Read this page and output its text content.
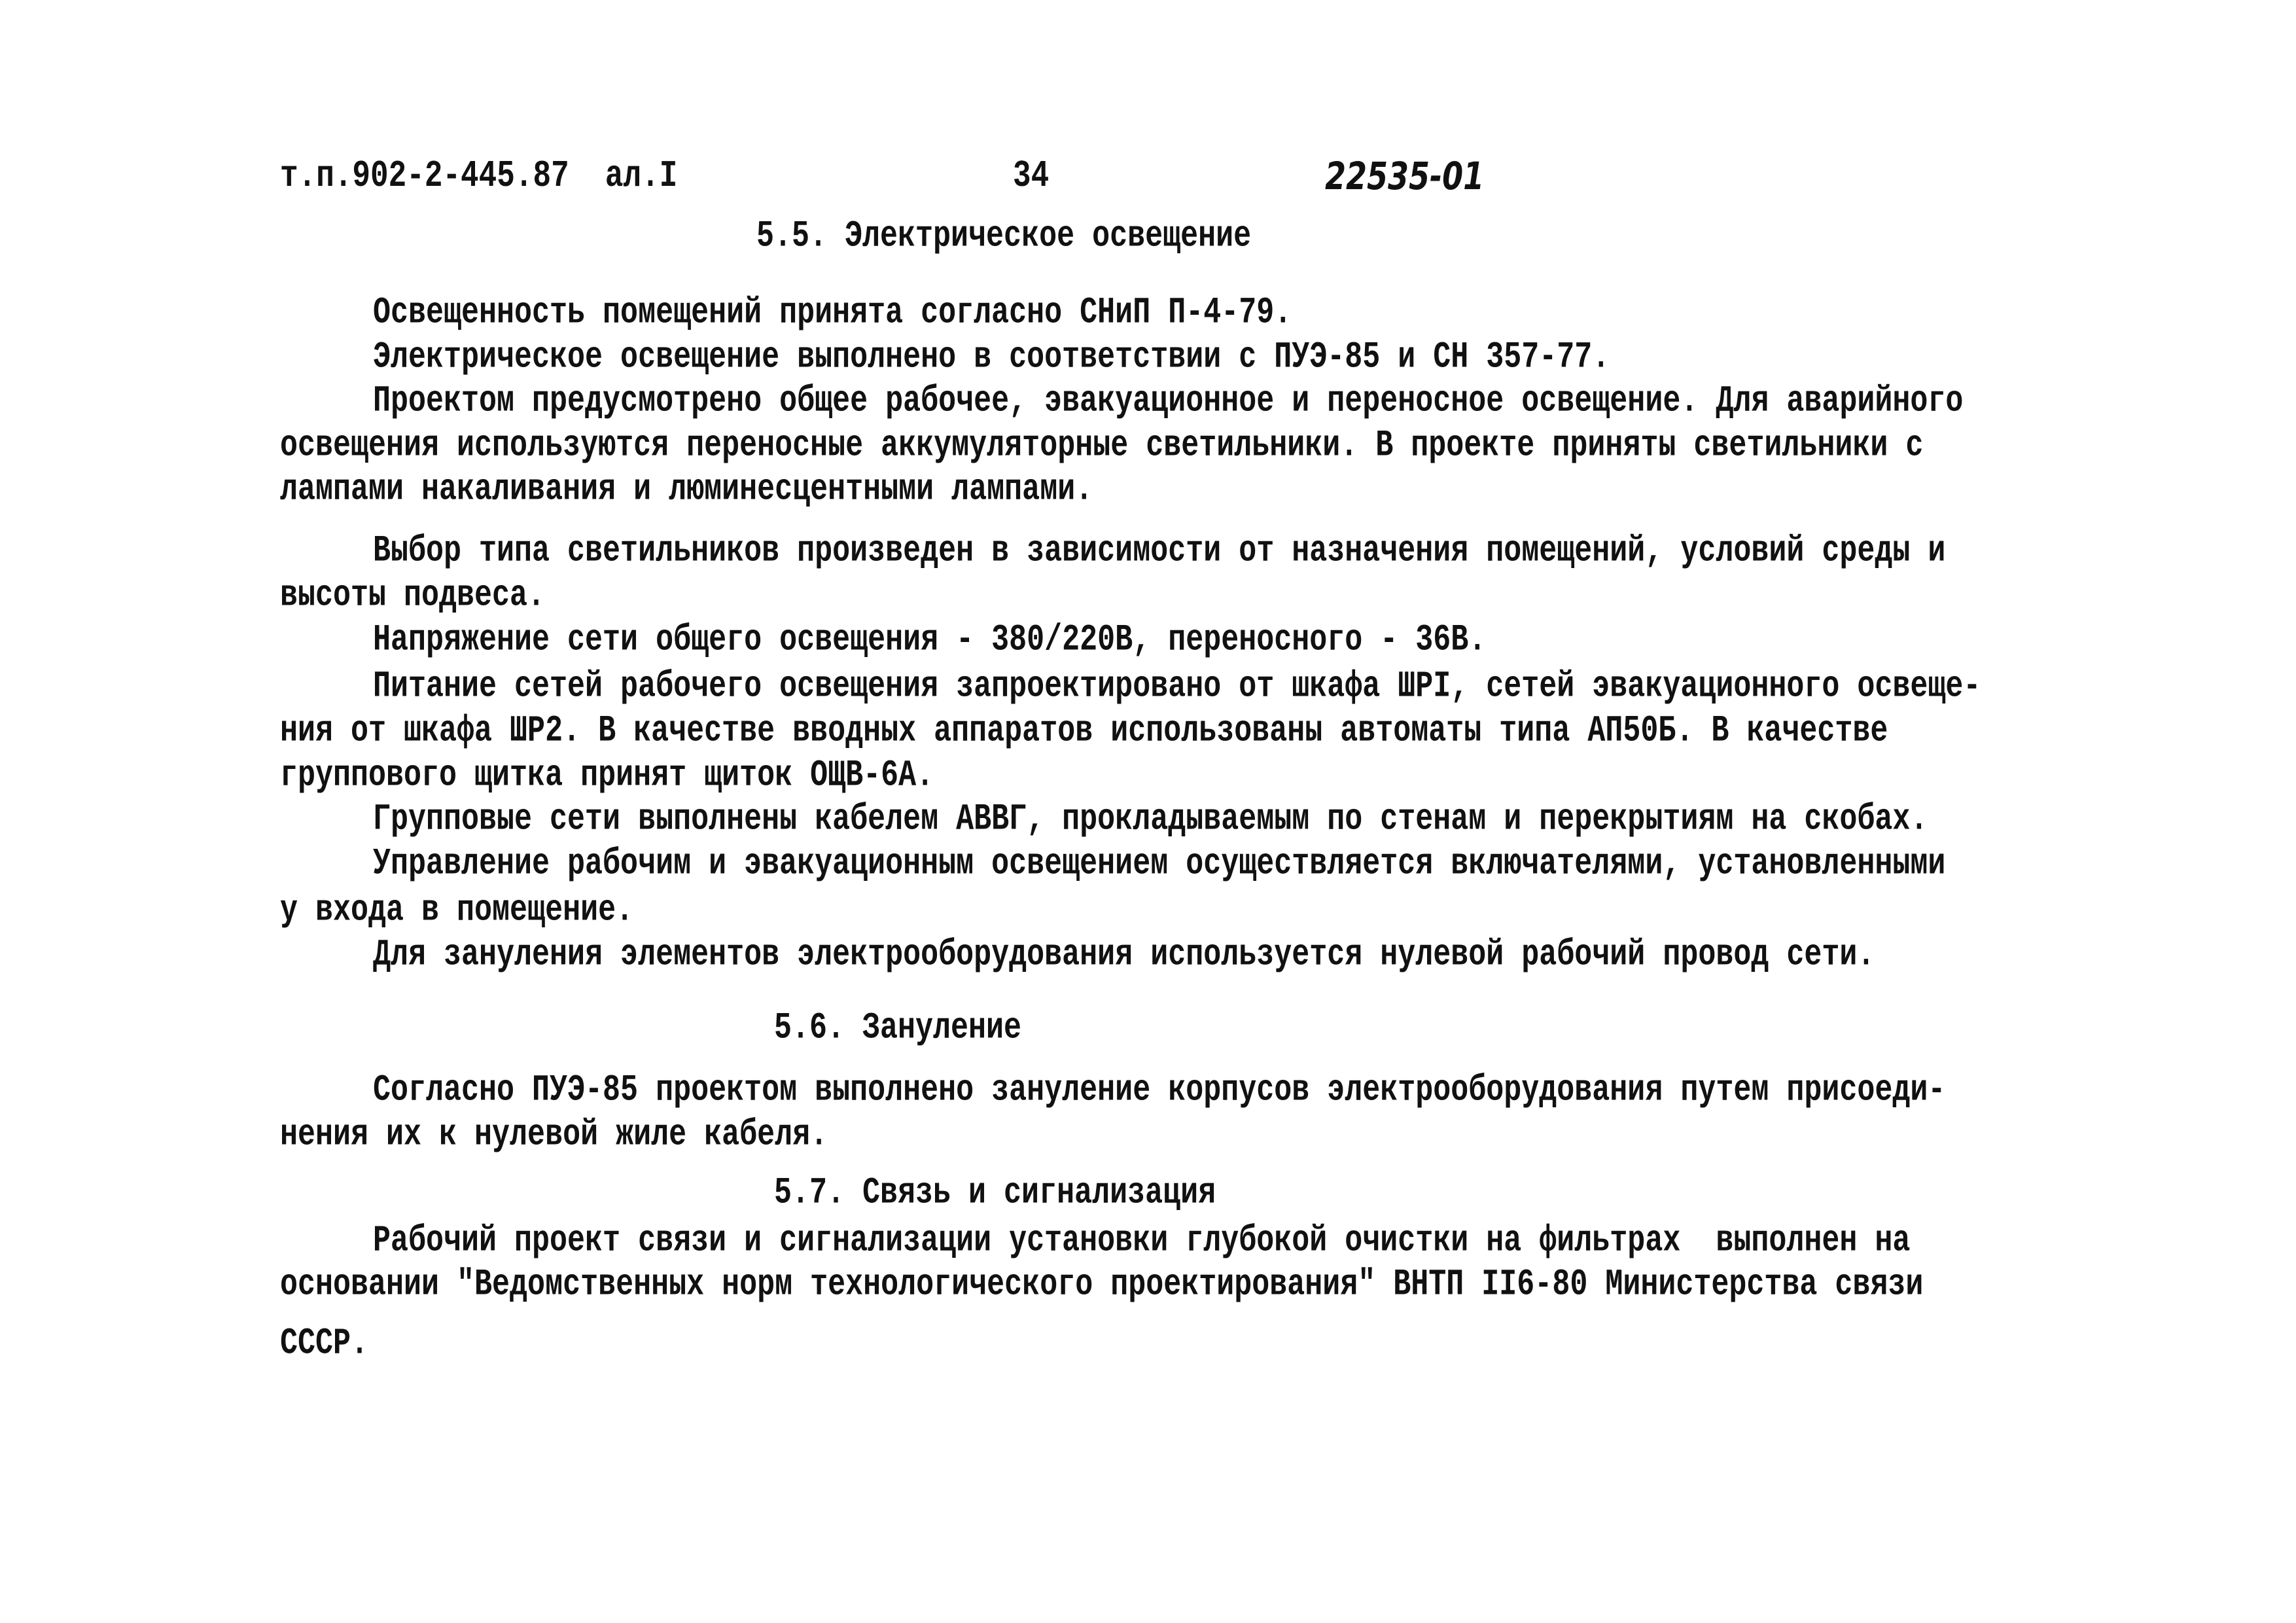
т.п.902-2-445.87  ал.I	34	22535-01
5.5. Электрическое освещение
Освещенность помещений принята согласно СНиП П-4-79.
Электрическое освещение выполнено в соответствии с ПУЭ-85 и СН 357-77.
Проектом предусмотрено общее рабочее, эвакуационное и переносное освещение. Для аварийного
освещения используются переносные аккумуляторные светильники. В проекте приняты светильники с
лампами накаливания и люминесцентными лампами.
Выбор типа светильников произведен в зависимости от назначения помещений, условий среды и
высоты подвеса.
Напряжение сети общего освещения - 380/220В, переносного - 36В.
Питание сетей рабочего освещения запроектировано от шкафа ШРI, сетей эвакуационного освеще-
ния от шкафа ШР2. В качестве вводных аппаратов использованы автоматы типа АП50Б. В качестве
группового щитка принят щиток ОЩВ-6А.
Групповые сети выполнены кабелем АВВГ, прокладываемым по стенам и перекрытиям на скобах.
Управление рабочим и эвакуационным освещением осуществляется включателями, установленными
у входа в помещение.
Для зануления элементов электрооборудования используется нулевой рабочий провод сети.
5.6. Зануление
Согласно ПУЭ-85 проектом выполнено зануление корпусов электрооборудования путем присоеди-
нения их к нулевой жиле кабеля.
5.7. Связь и сигнализация
Рабочий проект связи и сигнализации установки глубокой очистки на фильтрах  выполнен на
основании "Ведомственных норм технологического проектирования" ВНТП II6-80 Министерства связи
СССР.
